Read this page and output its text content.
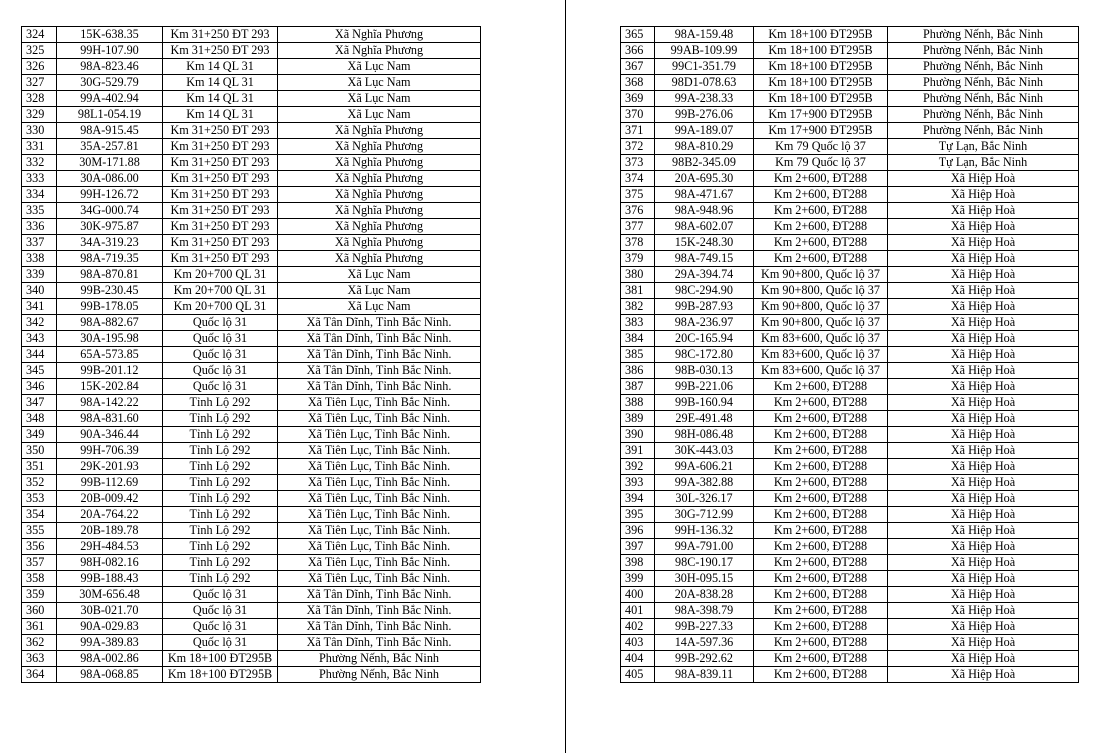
324	15K-638.35	Km 31+250 ĐT 293	Xã Nghĩa Phương
325	99H-107.90	Km 31+250 ĐT 293	Xã Nghĩa Phương
326	98A-823.46	Km 14 QL 31	Xã Lục Nam
327	30G-529.79	Km 14 QL 31	Xã Lục Nam
328	99A-402.94	Km 14 QL 31	Xã Lục Nam
329	98L1-054.19	Km 14 QL 31	Xã Lục Nam
330	98A-915.45	Km 31+250 ĐT 293	Xã Nghĩa Phương
331	35A-257.81	Km 31+250 ĐT 293	Xã Nghĩa Phương
332	30M-171.88	Km 31+250 ĐT 293	Xã Nghĩa Phương
333	30A-086.00	Km 31+250 ĐT 293	Xã Nghĩa Phương
334	99H-126.72	Km 31+250 ĐT 293	Xã Nghĩa Phương
335	34G-000.74	Km 31+250 ĐT 293	Xã Nghĩa Phương
336	30K-975.87	Km 31+250 ĐT 293	Xã Nghĩa Phương
337	34A-319.23	Km 31+250 ĐT 293	Xã Nghĩa Phương
338	98A-719.35	Km 31+250 ĐT 293	Xã Nghĩa Phương
339	98A-870.81	Km 20+700 QL 31	Xã Lục Nam
340	99B-230.45	Km 20+700 QL 31	Xã Lục Nam
341	99B-178.05	Km 20+700 QL 31	Xã Lục Nam
342	98A-882.67	Quốc lộ 31	Xã Tân Dĩnh, Tỉnh Bắc Ninh.
343	30A-195.98	Quốc lộ 31	Xã Tân Dĩnh, Tỉnh Bắc Ninh.
344	65A-573.85	Quốc lộ 31	Xã Tân Dĩnh, Tỉnh Bắc Ninh.
345	99B-201.12	Quốc lộ 31	Xã Tân Dĩnh, Tỉnh Bắc Ninh.
346	15K-202.84	Quốc lộ 31	Xã Tân Dĩnh, Tỉnh Bắc Ninh.
347	98A-142.22	Tỉnh Lộ 292	Xã Tiên Lục, Tỉnh Bắc Ninh.
348	98A-831.60	Tỉnh Lộ 292	Xã Tiên Lục, Tỉnh Bắc Ninh.
349	90A-346.44	Tỉnh Lộ 292	Xã Tiên Lục, Tỉnh Bắc Ninh.
350	99H-706.39	Tỉnh Lộ 292	Xã Tiên Lục, Tỉnh Bắc Ninh.
351	29K-201.93	Tỉnh Lộ 292	Xã Tiên Lục, Tỉnh Bắc Ninh.
352	99B-112.69	Tỉnh Lộ 292	Xã Tiên Lục, Tỉnh Bắc Ninh.
353	20B-009.42	Tỉnh Lộ 292	Xã Tiên Lục, Tỉnh Bắc Ninh.
354	20A-764.22	Tỉnh Lộ 292	Xã Tiên Lục, Tỉnh Bắc Ninh.
355	20B-189.78	Tỉnh Lộ 292	Xã Tiên Lục, Tỉnh Bắc Ninh.
356	29H-484.53	Tỉnh Lộ 292	Xã Tiên Lục, Tỉnh Bắc Ninh.
357	98H-082.16	Tỉnh Lộ 292	Xã Tiên Lục, Tỉnh Bắc Ninh.
358	99B-188.43	Tỉnh Lộ 292	Xã Tiên Lục, Tỉnh Bắc Ninh.
359	30M-656.48	Quốc lộ 31	Xã Tân Dĩnh, Tỉnh Bắc Ninh.
360	30B-021.70	Quốc lộ 31	Xã Tân Dĩnh, Tỉnh Bắc Ninh.
361	90A-029.83	Quốc lộ 31	Xã Tân Dĩnh, Tỉnh Bắc Ninh.
362	99A-389.83	Quốc lộ 31	Xã Tân Dĩnh, Tỉnh Bắc Ninh.
363	98A-002.86	Km 18+100 ĐT295B	Phường Nếnh, Bắc Ninh
364	98A-068.85	Km 18+100 ĐT295B	Phường Nếnh, Bắc Ninh
365	98A-159.48	Km 18+100 ĐT295B	Phường Nếnh, Bắc Ninh
366	99AB-109.99	Km 18+100 ĐT295B	Phường Nếnh, Bắc Ninh
367	99C1-351.79	Km 18+100 ĐT295B	Phường Nếnh, Bắc Ninh
368	98D1-078.63	Km 18+100 ĐT295B	Phường Nếnh, Bắc Ninh
369	99A-238.33	Km 18+100 ĐT295B	Phường Nếnh, Bắc Ninh
370	99B-276.06	Km 17+900 ĐT295B	Phường Nếnh, Bắc Ninh
371	99A-189.07	Km 17+900 ĐT295B	Phường Nếnh, Bắc Ninh
372	98A-810.29	Km 79 Quốc lộ 37	Tự Lạn, Bắc Ninh
373	98B2-345.09	Km 79 Quốc lộ 37	Tự Lạn, Bắc Ninh
374	20A-695.30	Km 2+600, ĐT288	Xã Hiệp Hoà
375	98A-471.67	Km 2+600, ĐT288	Xã Hiệp Hoà
376	98A-948.96	Km 2+600, ĐT288	Xã Hiệp Hoà
377	98A-602.07	Km 2+600, ĐT288	Xã Hiệp Hoà
378	15K-248.30	Km 2+600, ĐT288	Xã Hiệp Hoà
379	98A-749.15	Km 2+600, ĐT288	Xã Hiệp Hoà
380	29A-394.74	Km 90+800, Quốc lộ 37	Xã Hiệp Hoà
381	98C-294.90	Km 90+800, Quốc lộ 37	Xã Hiệp Hoà
382	99B-287.93	Km 90+800, Quốc lộ 37	Xã Hiệp Hoà
383	98A-236.97	Km 90+800, Quốc lộ 37	Xã Hiệp Hoà
384	20C-165.94	Km 83+600, Quốc lộ 37	Xã Hiệp Hoà
385	98C-172.80	Km 83+600, Quốc lộ 37	Xã Hiệp Hoà
386	98B-030.13	Km 83+600, Quốc lộ 37	Xã Hiệp Hoà
387	99B-221.06	Km 2+600, ĐT288	Xã Hiệp Hoà
388	99B-160.94	Km 2+600, ĐT288	Xã Hiệp Hoà
389	29E-491.48	Km 2+600, ĐT288	Xã Hiệp Hoà
390	98H-086.48	Km 2+600, ĐT288	Xã Hiệp Hoà
391	30K-443.03	Km 2+600, ĐT288	Xã Hiệp Hoà
392	99A-606.21	Km 2+600, ĐT288	Xã Hiệp Hoà
393	99A-382.88	Km 2+600, ĐT288	Xã Hiệp Hoà
394	30L-326.17	Km 2+600, ĐT288	Xã Hiệp Hoà
395	30G-712.99	Km 2+600, ĐT288	Xã Hiệp Hoà
396	99H-136.32	Km 2+600, ĐT288	Xã Hiệp Hoà
397	99A-791.00	Km 2+600, ĐT288	Xã Hiệp Hoà
398	98C-190.17	Km 2+600, ĐT288	Xã Hiệp Hoà
399	30H-095.15	Km 2+600, ĐT288	Xã Hiệp Hoà
400	20A-838.28	Km 2+600, ĐT288	Xã Hiệp Hoà
401	98A-398.79	Km 2+600, ĐT288	Xã Hiệp Hoà
402	99B-227.33	Km 2+600, ĐT288	Xã Hiệp Hoà
403	14A-597.36	Km 2+600, ĐT288	Xã Hiệp Hoà
404	99B-292.62	Km 2+600, ĐT288	Xã Hiệp Hoà
405	98A-839.11	Km 2+600, ĐT288	Xã Hiệp Hoà
